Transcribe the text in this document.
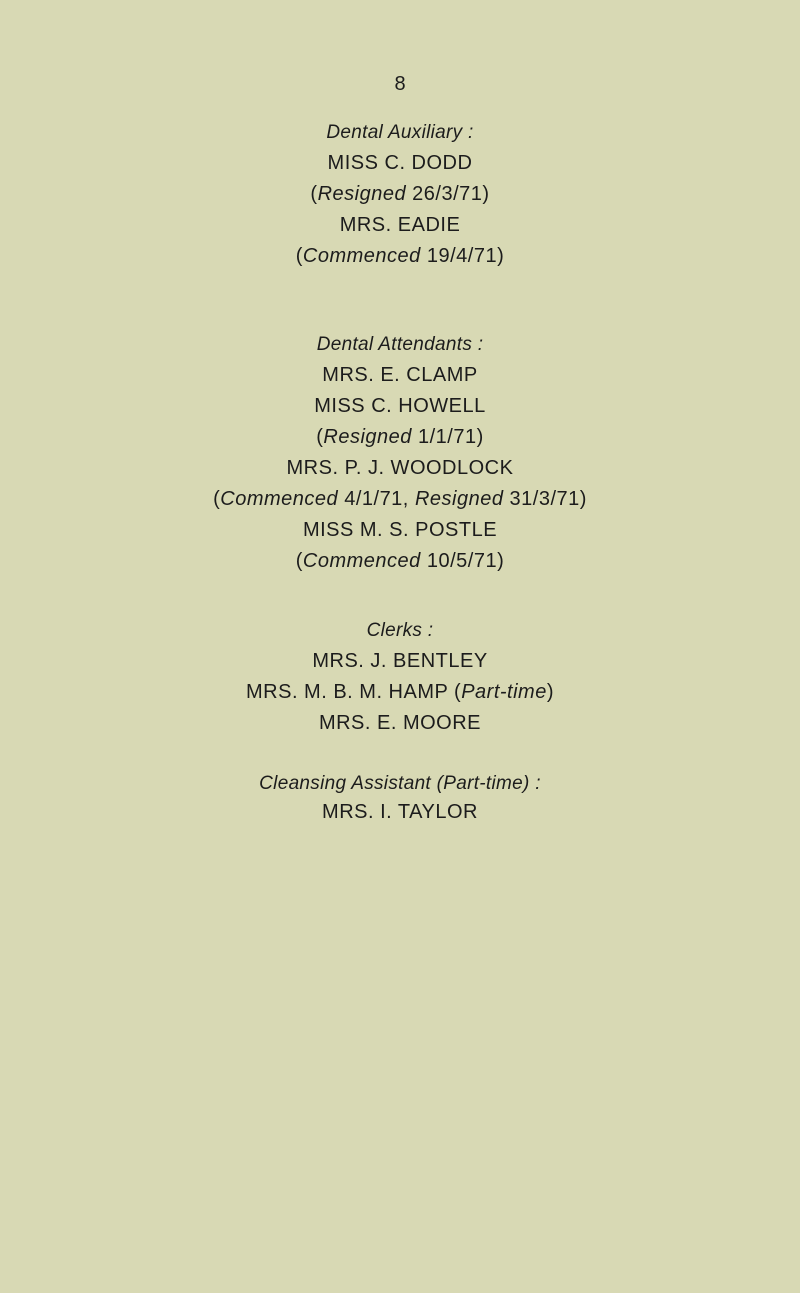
8
Dental Auxiliary :
MISS C. DODD
(Resigned 26/3/71)
MRS. EADIE
(Commenced 19/4/71)
Dental Attendants :
MRS. E. CLAMP
MISS C. HOWELL
(Resigned 1/1/71)
MRS. P. J. WOODLOCK
(Commenced 4/1/71, Resigned 31/3/71)
MISS M. S. POSTLE
(Commenced 10/5/71)
Clerks :
MRS. J. BENTLEY
MRS. M. B. M. HAMP (Part-time)
MRS. E. MOORE
Cleansing Assistant (Part-time) :
MRS. I. TAYLOR
